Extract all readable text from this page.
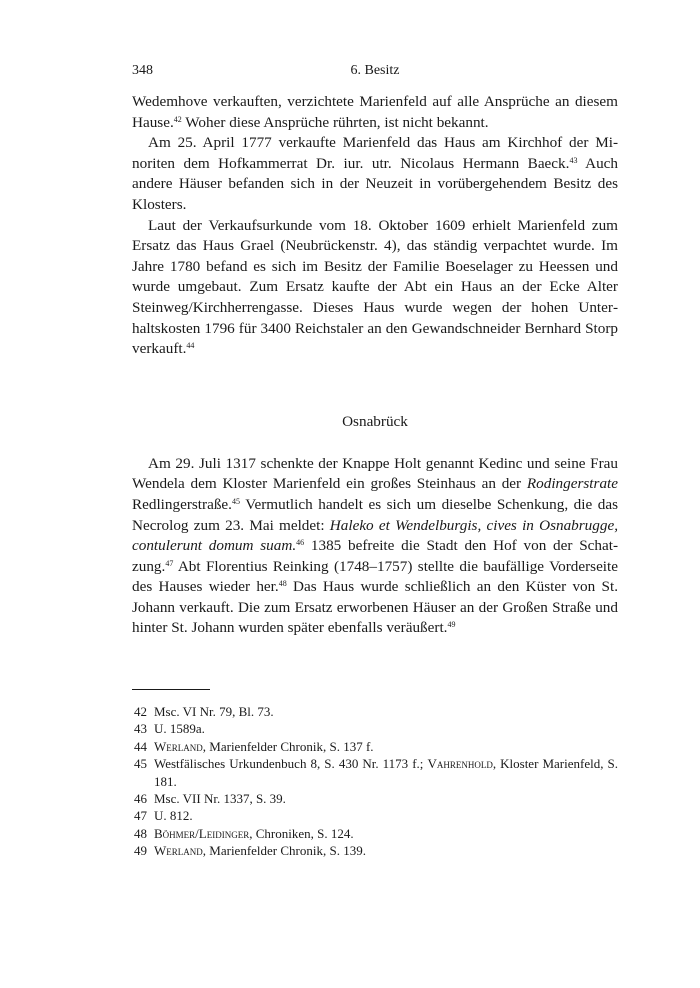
348	6. Besitz

Wedemhove verkauften, verzichtete Marienfeld auf alle Ansprüche an diesem Hause.$^{42}$ Woher diese Ansprüche rührten, ist nicht bekannt.

Am 25. April 1777 verkaufte Marienfeld das Haus am Kirchhof der Minoriten dem Hofkammerrat Dr. iur. utr. Nicolaus Hermann Baeck.$^{43}$ Auch andere Häuser befanden sich in der Neuzeit in vorübergehendem Besitz des Klosters.

Laut der Verkaufsurkunde vom 18. Oktober 1609 erhielt Marienfeld zum Ersatz das Haus Grael (Neubrückenstr. 4), das ständig verpachtet wurde. Im Jahre 1780 befand es sich im Besitz der Familie Boeselager zu Heessen und wurde umgebaut. Zum Ersatz kaufte der Abt ein Haus an der Ecke Alter Steinweg/Kirchherrengasse. Dieses Haus wurde wegen der hohen Unterhaltskosten 1796 für 3400 Reichstaler an den Gewandschneider Bernhard Storp verkauft.$^{44}$

Osnabrück

Am 29. Juli 1317 schenkte der Knappe Holt genannt Kedinc und seine Frau Wendela dem Kloster Marienfeld ein großes Steinhaus an der Rodingerstrate Redlingerstraße.$^{45}$ Vermutlich handelt es sich um dieselbe Schenkung, die das Necrolog zum 23. Mai meldet: Haleko et Wendelburgis, cives in Osnabrugge, contulerunt domum suam.$^{46}$ 1385 befreite die Stadt den Hof von der Schatzung.$^{47}$ Abt Florentius Reinking (1748–1757) stellte die baufällige Vorderseite des Hauses wieder her.$^{48}$ Das Haus wurde schließlich an den Küster von St. Johann verkauft. Die zum Ersatz erworbenen Häuser an der Großen Straße und hinter St. Johann wurden später ebenfalls veräußert.$^{49}$

42 Msc. VI Nr. 79, Bl. 73.
43 U. 1589a.
44 Werland, Marienfelder Chronik, S. 137 f.
45 Westfälisches Urkundenbuch 8, S. 430 Nr. 1173 f.; Vahrenhold, Kloster Marienfeld, S. 181.
46 Msc. VII Nr. 1337, S. 39.
47 U. 812.
48 Böhmer/Leidinger, Chroniken, S. 124.
49 Werland, Marienfelder Chronik, S. 139.
